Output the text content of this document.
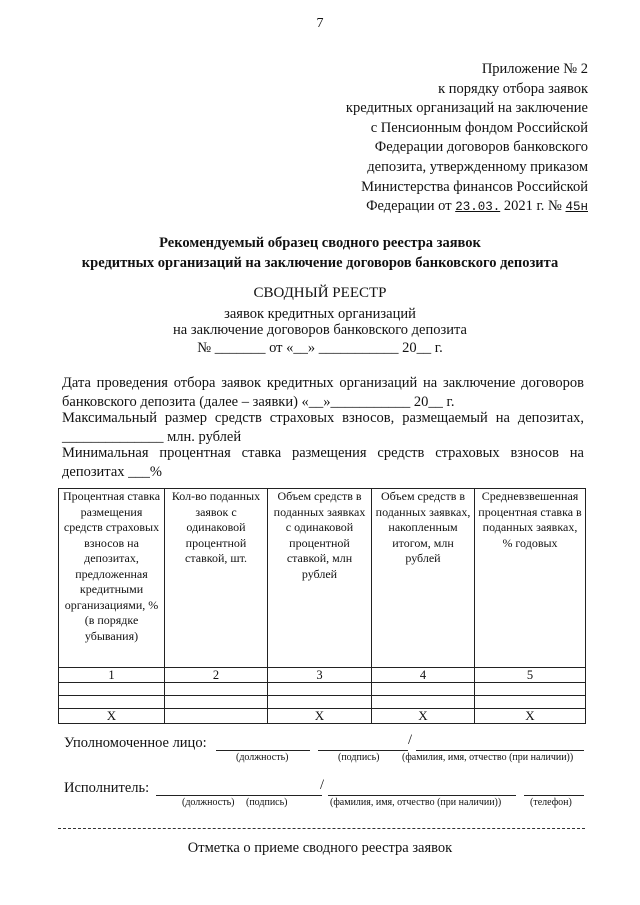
7
Приложение № 2
к порядку отбора заявок
кредитных организаций на заключение
с Пенсионным фондом Российской
Федерации договоров банковского
депозита, утвержденному приказом
Министерства финансов Российской
Федерации от 23.03. 2021 г. № 45н
Рекомендуемый образец сводного реестра заявок
кредитных организаций на заключение договоров банковского депозита
СВОДНЫЙ РЕЕСТР
заявок кредитных организаций
на заключение договоров банковского депозита
№ _______ от «__» ___________ 20__ г.
Дата проведения отбора заявок кредитных организаций на заключение договоров
банковского депозита (далее – заявки) «__»___________ 20__ г.
Максимальный размер средств страховых взносов, размещаемый на депозитах,
______________ млн. рублей
Минимальная процентная ставка размещения средств страховых взносов на
депозитах ___%
Процентная ставка размещения средств страховых взносов на депозитах, предложенная кредитными организациями, % (в порядке убывания)	Кол-во поданных заявок с одинаковой процентной ставкой, шт.	Объем средств в поданных заявках с одинаковой процентной ставкой, млн рублей	Объем средств в поданных заявках, накопленным итогом, млн рублей	Средневзвешенная процентная ставка в поданных заявках, % годовых
1	2	3	4	5

X		X	X	X
Уполномоченное лицо:	/
(должность)	(подпись) (фамилия, имя, отчество (при наличии))
Исполнитель:	/
(должность) (подпись)	(фамилия, имя, отчество (при наличии))	(телефон)
Отметка о приеме сводного реестра заявок
